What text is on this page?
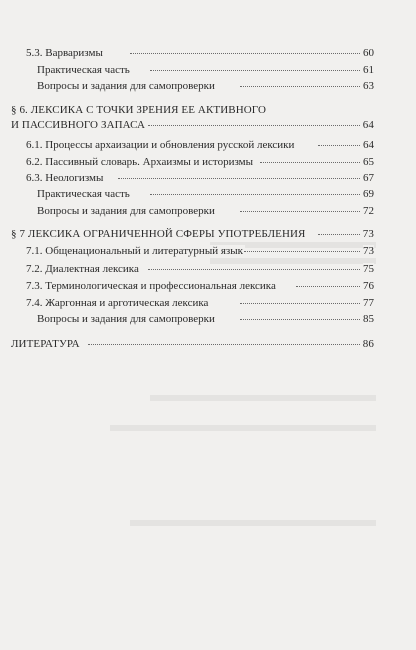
5.3. Варваризмы	60
Практическая часть	61
Вопросы и задания для самопроверки	63
§ 6. ЛЕКСИКА С ТОЧКИ ЗРЕНИЯ ЕЕ АКТИВНОГО
И ПАССИВНОГО ЗАПАСА	64
6.1. Процессы архаизации и обновления русской лексики	64
6.2. Пассивный словарь. Архаизмы и историзмы	65
6.3. Неологизмы	67
Практическая часть	69
Вопросы и задания для самопроверки	72
§ 7 ЛЕКСИКА ОГРАНИЧЕННОЙ СФЕРЫ УПОТРЕБЛЕНИЯ	73
7.1. Общенациональный и литературный язык	73
7.2. Диалектная лексика	75
7.3. Терминологическая и профессиональная лексика	76
7.4. Жаргонная и арготическая лексика	77
Вопросы и задания для самопроверки	85
ЛИТЕРАТУРА	86
